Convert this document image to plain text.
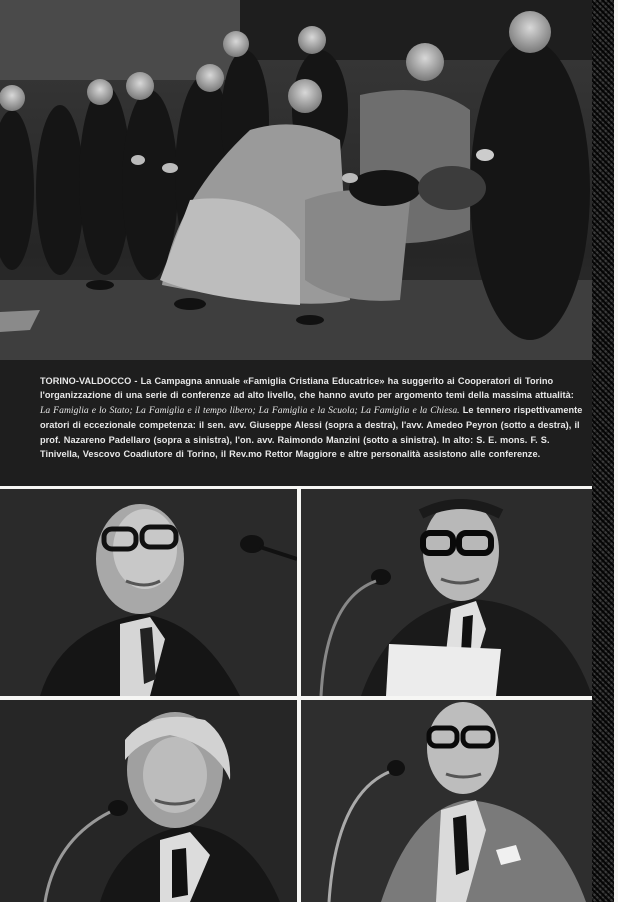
TORINO-VALDOCCO - La Campagna annuale «Famiglia Cristiana Educatrice» ha suggerito ai Cooperatori di Torino l'organizzazione di una serie di conferenze ad alto livello, che hanno avuto per argomento temi della massima attualità: La Famiglia e lo Stato; La Famiglia e il tempo libero; La Famiglia e la Scuola; La Famiglia e la Chiesa. Le tennero rispettivamente oratori di eccezionale competenza: il sen. avv. Giuseppe Alessi (sopra a destra), l'avv. Amedeo Peyron (sotto a destra), il prof. Nazareno Padellaro (sopra a sinistra), l'on. avv. Raimondo Manzini (sotto a sinistra). In alto: S. E. mons. F. S. Tinivella, Vescovo Coadiutore di Torino, il Rev.mo Rettor Maggiore e altre personalità assistono alle conferenze.
